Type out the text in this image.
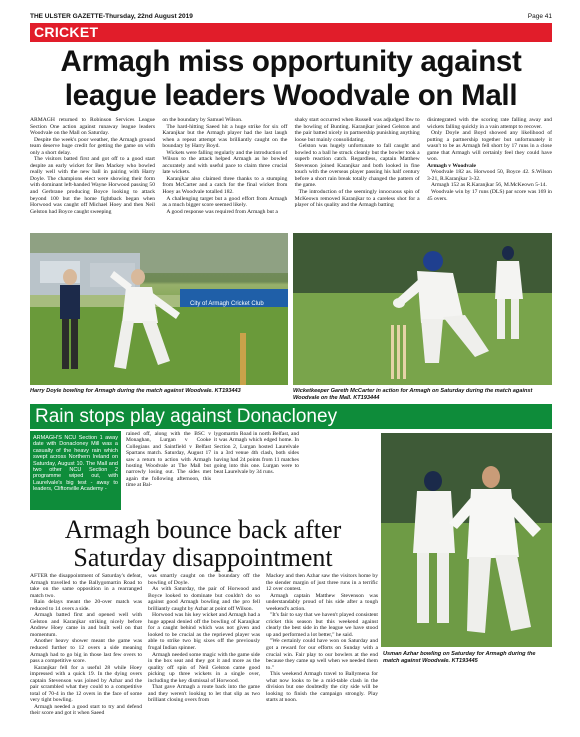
THE ULSTER GAZETTE-Thursday, 22nd August 2019	Page 41
CRICKET
Armagh miss opportunity against league leaders Woodvale on Mall

ARMAGH returned to Robinson Services League Section One action against runaway league leaders Woodvale on the Mall on Saturday.

Despite the week's poor weather, the Armagh ground team deserve huge credit for getting the game on with only a short delay.

The visitors batted first and got off to a good start despite an early wicket for Ben Mackey who bowled really well with the new ball in pairing with Harry Doyle. The champions elect were showing their form with dominant left-handed Wayne Horwood passing 50 and Gerbrane producing Boyce looking to attack beyond 100 but the home fightback began when Horwood was caught off Michael Hoey and then Neil Gelston had Boyce caught sweeping

on the boundary by Samuel Wilson.

The hard-hitting Saeed hit a huge strike for six off Karanjkar but the Armagh player had the last laugh when a repeat attempt was brilliantly caught on the boundary by Harry Boyd.

Wickets were falling regularly and the introduction of Wilson to the attack helped Armagh as he bowled accurately and with useful pace to claim three crucial late wickets.

Karanjkar also claimed three thanks to a stumping from McCarter and a catch for the final wicket from Hoey as Woodvale totalled 182.

A challenging target but a good effort from Armagh as a much bigger score seemed likely.

A good response was required from Armagh but a

shaky start occurred when Russell was adjudged lbw to the bowling of Bunting. Karanjkar joined Gelston and the pair batted nicely in partnership punishing anything loose but mainly consolidating.

Gelston was hugely unfortunate to fall caught and bowled to a ball he struck cleanly but the bowler took a superb reaction catch. Regardless, captain Matthew Stevenson joined Karanjkar and both looked in fine touch with the overseas player passing his half century before a short rain break totally changed the pattern of the game.

The introduction of the seemingly innocuous spin of McKeown removed Karanjkar to a careless shot for a player of his quality and the Armagh batting

disintegrated with the scoring rate falling away and wickets falling quickly in a vain attempt to recover.

Only Doyle and Boyd showed any likelihood of putting a partnership together but unfortunately it wasn't to be as Armagh fell short by 17 runs in a close game that Armagh will certainly feel they could have won.

Armagh v Woodvale

Woodvale 182 as. Horwood 50, Boyce 42. S.Wilson 3-21, R.Karanjkar 3-32.

Armagh 152 as R.Karanjkar 56, M.McKeown 5-14.

Woodvale win by 17 runs (DLS) par score was 169 in 45 overs.

City of Armagh Cricket Club
Harry Doyle bowling for Armagh during the match against Woodvale. KT193443	Wicketkeeper Gareth McCarter in action for Armagh on Saturday during the match against Woodvale on the Mall. KT193444
Rain stops play against Donacloney
ARMAGH'S NCU Section 1 away date with Donacloney Mill was a casualty of the heavy rain which swept across Northern Ireland on Saturday, August 10. The Mall and two other NCU Section 2 programme wiped out, with Laurelvale's big test - away to leaders, Cliftonville Academy -
rained off, along with the BSC v Monaghan, Lurgan v Cooke Collegians and Saintfield v Belfast Spartans match. Saturday, August 17 saw a return to action with Armagh hosting Woodvale at The Mall but narrowly losing out. The sides met again the following afternoon, this time at Bal-
lygomartin Road in north Belfast, and it was Armagh which edged home. In Section 2, Lurgan hosted Laurelvale in a 3rd venue 4th clash, both sides having had 24 points from 11 matches going into this one. Lurgan were to beat Laurelvale by 34 runs.
Usman Azhar bowling on Saturday for Armagh during the match against Woodvale. KT193445
Armagh bounce back after Saturday disappointment

AFTER the disappointment of Saturday's defeat, Armagh travelled to the Ballygomartin Road to take on the same opposition in a rearranged match two.

Rain delays meant the 20-over match was reduced to 14 overs a side.

Armagh batted first and opened well with Gelston and Karanjkar striking nicely before Andrew Hoey came in and built well on that momentum.

Another heavy shower meant the game was reduced further to 12 overs a side meaning Armagh had to go big in those last few overs to pass a competitive score.

Karanjkar fell for a useful 28 while Hoey impressed with a quick 19. In the dying overs captain Stevenson was joined by Azhar and the pair scrambled what they could to a competitive total of 70-4 in the 12 overs in the face of some very tight bowling.

Armagh needed a good start to try and defend their score and got it when Saeed

was smartly caught on the boundary off the bowling of Doyle.

As with Saturday, the pair of Horwood and Boyce looked to dominate but couldn't do so against good Armagh bowling and the pro fell brilliantly caught by Azhar at point off Wilson.

Horwood was his key wicket and Armagh had a huge appeal denied off the bowling of Karanjkar for a caught behind which was not given and looked to be crucial as the reprieved player was able to strike two big sixes off the previously frugal Indian spinner.

Armagh needed some magic with the game side in the box seat and they got it and more as the quality off spin of Neil Gelston came good picking up three wickets in a single over, including the key dismissal of Horwood.

That gave Armagh a route back into the game and they weren't looking to let that slip as two brilliant closing overs from

Mackey and then Azhar saw the visitors home by the slender margin of just three runs in a terrific 12 over contest.

Armagh captain Matthew Stevenson was understandably proud of his side after a tough weekend's action.

"It's fair to say that we haven't played consistent cricket this season but this weekend against clearly the best side in the league we have stood up and performed a lot better," he said.

"We certainly could have won on Saturday and got a reward for our efforts on Sunday with a crucial win. Fair play to our bowlers at the end because they came up well when we needed them to."

This weekend Armagh travel to Ballymena for what now looks to be a mid-table clash in the division but one doubtedly the city side will be looking to finish the campaign strongly. Play starts at noon.
